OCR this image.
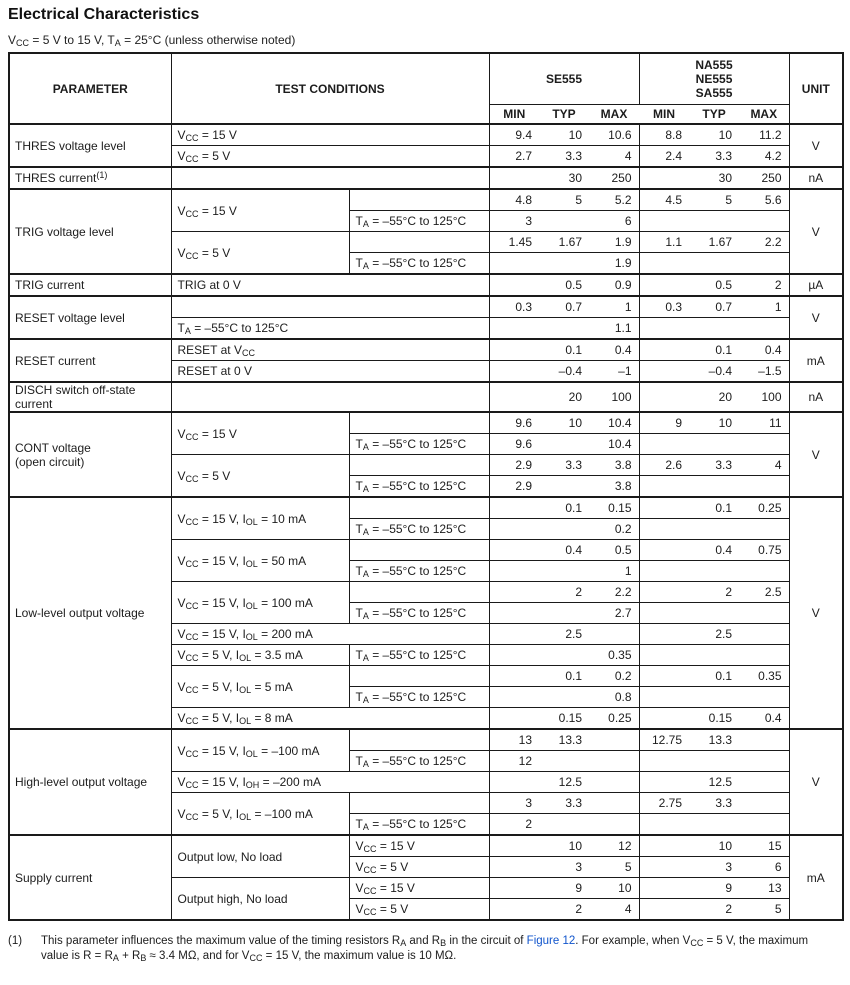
Electrical Characteristics
$V_{CC} = 5$ V to 15 V, $T_A = 25^\circ C$ (unless otherwise noted)
PARAMETER	TEST CONDITIONS		SE555			NA555
NE555
SA555			UNIT
			MIN	TYP	MAX	MIN	TYP	MAX	
THRES voltage level	$V_{CC} = 15$ V		9.4	10	10.6	8.8	10	11.2	V
	$V_{CC} = 5$ V		2.7	3.3	4	2.4	3.3	4.2	
THRES current$^{(1)}$				30	250		30	250	nA
TRIG voltage level	$V_{CC} = 15$ V		4.8	5	5.2	4.5	5	5.6	V
		$T_A = -55^\circ C$ to 125°C	3		6				
	$V_{CC} = 5$ V		1.45	1.67	1.9	1.1	1.67	2.2	
		$T_A = -55^\circ C$ to 125°C			1.9				
TRIG current	TRIG at 0 V			0.5	0.9		0.5	2	µA
RESET voltage level			0.3	0.7	1	0.3	0.7	1	V
	$T_A = -55^\circ C$ to 125°C				1.1				
RESET current	RESET at $V_{CC}$			0.1	0.4		0.1	0.4	mA
	RESET at 0 V			–0.4	–1		–0.4	–1.5	
DISCH switch off-state
current				20	100		20	100	nA
CONT voltage
(open circuit)	$V_{CC} = 15$ V		9.6	10	10.4	9	10	11	V
		$T_A = -55^\circ C$ to 125°C	9.6		10.4				
	$V_{CC} = 5$ V		2.9	3.3	3.8	2.6	3.3	4	
		$T_A = -55^\circ C$ to 125°C	2.9		3.8				
Low-level output voltage	$V_{CC} = 15$ V, $I_{OL} = 10$ mA			0.1	0.15		0.1	0.25	V
		$T_A = -55^\circ C$ to 125°C			0.2				
	$V_{CC} = 15$ V, $I_{OL} = 50$ mA			0.4	0.5		0.4	0.75	
		$T_A = -55^\circ C$ to 125°C			1				
	$V_{CC} = 15$ V, $I_{OL} = 100$ mA			2	2.2		2	2.5	
		$T_A = -55^\circ C$ to 125°C			2.7				
	$V_{CC} = 15$ V, $I_{OL} = 200$ mA			2.5			2.5		
	$V_{CC} = 5$ V, $I_{OL} = 3.5$ mA	$T_A = -55^\circ C$ to 125°C			0.35				
	$V_{CC} = 5$ V, $I_{OL} = 5$ mA			0.1	0.2		0.1	0.35	
		$T_A = -55^\circ C$ to 125°C			0.8				
	$V_{CC} = 5$ V, $I_{OL} = 8$ mA			0.15	0.25		0.15	0.4	
High-level output voltage	$V_{CC} = 15$ V, $I_{OL} = -100$ mA		13	13.3		12.75	13.3		V
		$T_A = -55^\circ C$ to 125°C	12						
	$V_{CC} = 15$ V, $I_{OH} = -200$ mA			12.5			12.5		
	$V_{CC} = 5$ V, $I_{OL} = -100$ mA		3	3.3		2.75	3.3		
		$T_A = -55^\circ C$ to 125°C	2						
Supply current	Output low, No load	$V_{CC} = 15$ V		10	12		10	15	mA
		$V_{CC} = 5$ V		3	5		3	6	
	Output high, No load	$V_{CC} = 15$ V		9	10		9	13	
		$V_{CC} = 5$ V		2	4		2	5	
(1)	This parameter influences the maximum value of the timing resistors $R_A$ and $R_B$ in the circuit of Figure 12. For example, when $V_{CC} = 5$ V, the maximum value is $R = R_A + R_B \approx 3.4$ MΩ, and for $V_{CC} = 15$ V, the maximum value is 10 MΩ.
